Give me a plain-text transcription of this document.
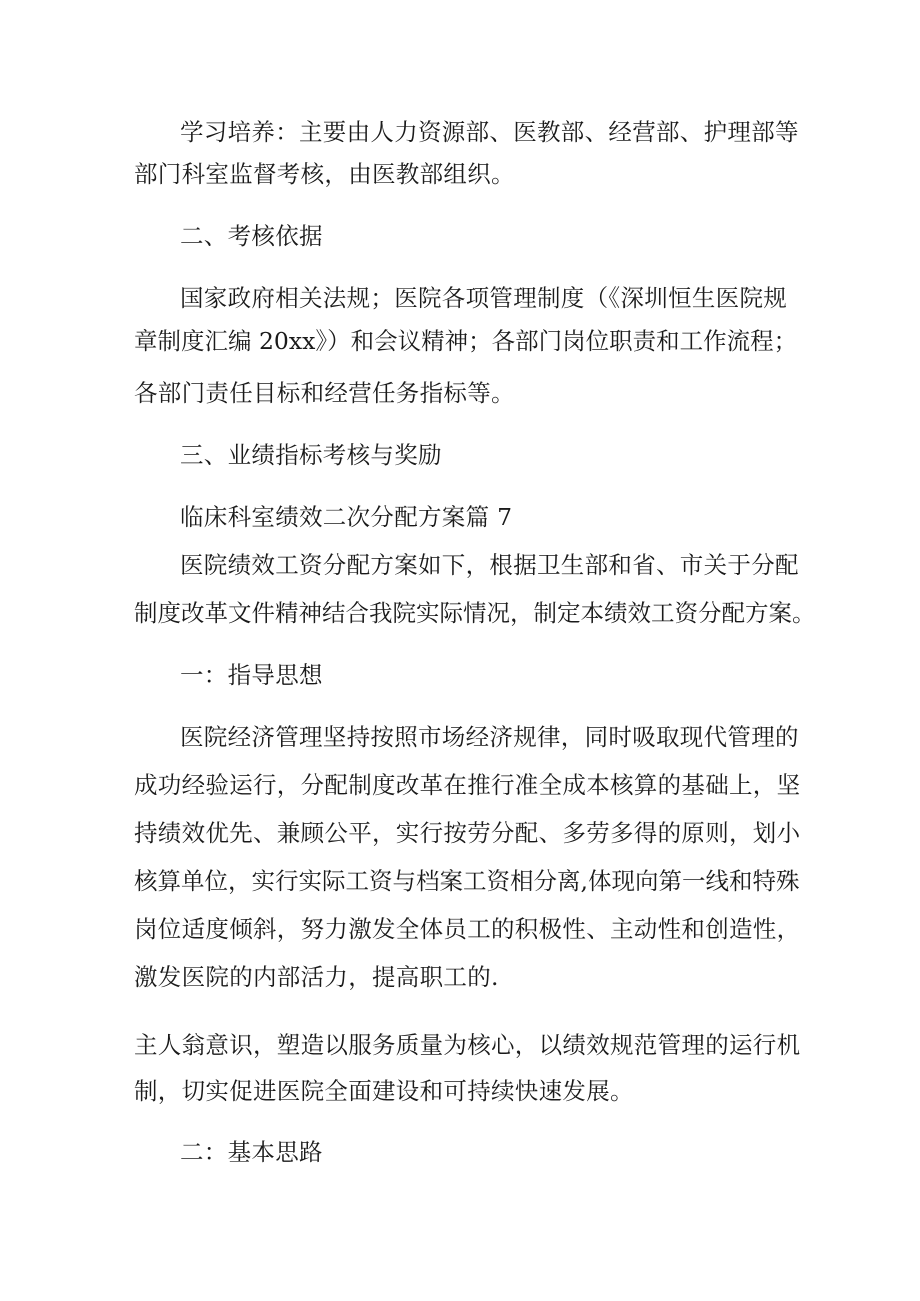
学习培养：主要由人力资源部、医教部、经营部、护理部等
部门科室监督考核，由医教部组织。
二、考核依据
国家政府相关法规；医院各项管理制度（《深圳恒生医院规
章制度汇编 20xx》）和会议精神；各部门岗位职责和工作流程；
各部门责任目标和经营任务指标等。
三、业绩指标考核与奖励
临床科室绩效二次分配方案篇 7
医院绩效工资分配方案如下，根据卫生部和省、市关于分配
制度改革文件精神结合我院实际情况，制定本绩效工资分配方案。
一：指导思想
医院经济管理坚持按照市场经济规律，同时吸取现代管理的
成功经验运行，分配制度改革在推行准全成本核算的基础上，坚
持绩效优先、兼顾公平，实行按劳分配、多劳多得的原则，划小
核算单位，实行实际工资与档案工资相分离,体现向第一线和特殊
岗位适度倾斜，努力激发全体员工的积极性、主动性和创造性，
激发医院的内部活力，提高职工的.
主人翁意识，塑造以服务质量为核心，以绩效规范管理的运行机
制，切实促进医院全面建设和可持续快速发展。
二：基本思路
